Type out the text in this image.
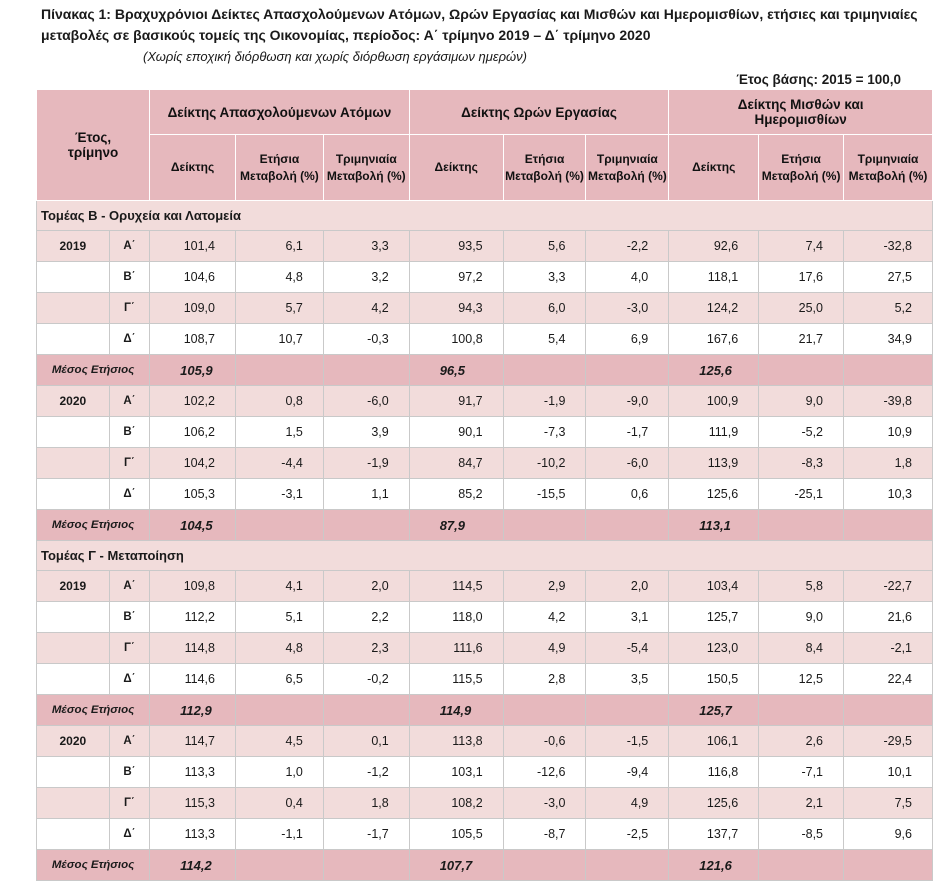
Πίνακας 1: Βραχυχρόνιοι Δείκτες Απασχολούμενων Ατόμων, Ωρών Εργασίας και Μισθών και Ημερομισθίων, ετήσιες και τριμηνιαίες μεταβολές σε βασικούς τομείς της Οικονομίας, περίοδος: Α΄ τρίμηνο 2019 – Δ΄ τρίμηνο 2020

(Χωρίς εποχική διόρθωση και χωρίς διόρθωση εργάσιμων ημερών)
Έτος βάσης: 2015 = 100,0
Έτος, τρίμηνο		Δείκτης Απασχολούμενων Ατόμων			Δείκτης Ωρών Εργασίας			Δείκτης Μισθών και Ημερομισθίων		
		Δείκτης	Ετήσια Μεταβολή (%)	Τριμηνιαία Μεταβολή (%)	Δείκτης	Ετήσια Μεταβολή (%)	Τριμηνιαία Μεταβολή (%)	Δείκτης	Ετήσια Μεταβολή (%)	Τριμηνιαία Μεταβολή (%)
Τομέας Β - Ορυχεία και Λατομεία										
2019	Α΄	101,4	6,1	3,3	93,5	5,6	-2,2	92,6	7,4	-32,8
	Β΄	104,6	4,8	3,2	97,2	3,3	4,0	118,1	17,6	27,5
	Γ΄	109,0	5,7	4,2	94,3	6,0	-3,0	124,2	25,0	5,2
	Δ΄	108,7	10,7	-0,3	100,8	5,4	6,9	167,6	21,7	34,9
Μέσος Ετήσιος		105,9			96,5			125,6		
2020	Α΄	102,2	0,8	-6,0	91,7	-1,9	-9,0	100,9	9,0	-39,8
	Β΄	106,2	1,5	3,9	90,1	-7,3	-1,7	111,9	-5,2	10,9
	Γ΄	104,2	-4,4	-1,9	84,7	-10,2	-6,0	113,9	-8,3	1,8
	Δ΄	105,3	-3,1	1,1	85,2	-15,5	0,6	125,6	-25,1	10,3
Μέσος Ετήσιος		104,5			87,9			113,1		
Τομέας Γ - Μεταποίηση										
2019	Α΄	109,8	4,1	2,0	114,5	2,9	2,0	103,4	5,8	-22,7
	Β΄	112,2	5,1	2,2	118,0	4,2	3,1	125,7	9,0	21,6
	Γ΄	114,8	4,8	2,3	111,6	4,9	-5,4	123,0	8,4	-2,1
	Δ΄	114,6	6,5	-0,2	115,5	2,8	3,5	150,5	12,5	22,4
Μέσος Ετήσιος		112,9			114,9			125,7		
2020	Α΄	114,7	4,5	0,1	113,8	-0,6	-1,5	106,1	2,6	-29,5
	Β΄	113,3	1,0	-1,2	103,1	-12,6	-9,4	116,8	-7,1	10,1
	Γ΄	115,3	0,4	1,8	108,2	-3,0	4,9	125,6	2,1	7,5
	Δ΄	113,3	-1,1	-1,7	105,5	-8,7	-2,5	137,7	-8,5	9,6
Μέσος Ετήσιος		114,2			107,7			121,6		
